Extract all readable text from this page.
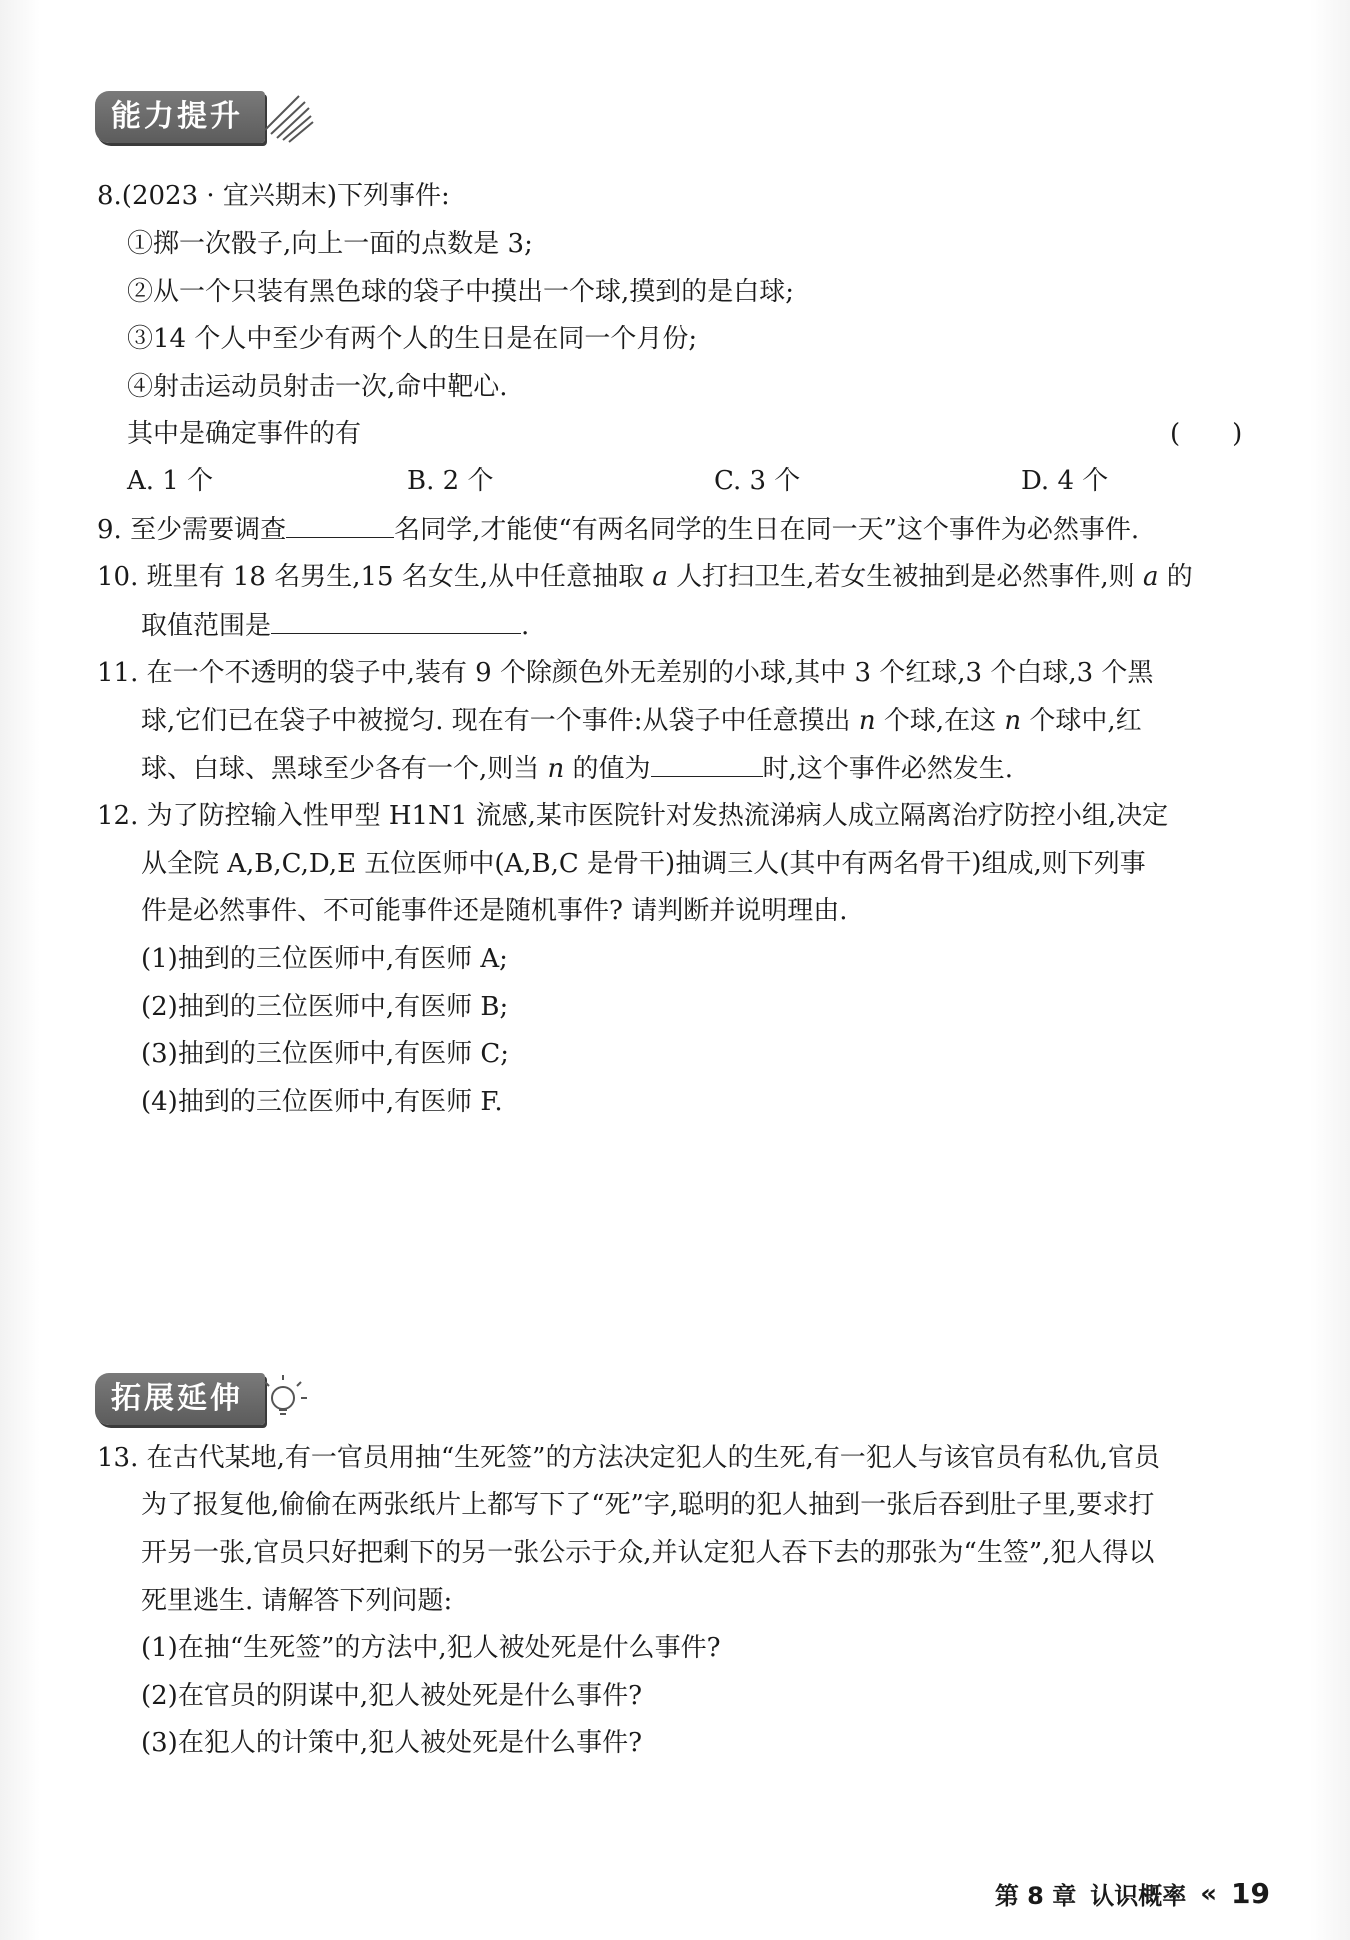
能力提升
8.(2023 · 宜兴期末)下列事件:
①掷一次骰子,向上一面的点数是 3;
②从一个只装有黑色球的袋子中摸出一个球,摸到的是白球;
③14 个人中至少有两个人的生日是在同一个月份;
④射击运动员射击一次,命中靶心.
其中是确定事件的有	(　　)
A. 1 个	B. 2 个	C. 3 个	D. 4 个
9. 至少需要调查	名同学,才能使“有两名同学的生日在同一天”这个事件为必然事件.
10. 班里有 18 名男生,15 名女生,从中任意抽取 a 人打扫卫生,若女生被抽到是必然事件,则 a 的
取值范围是	.
11. 在一个不透明的袋子中,装有 9 个除颜色外无差别的小球,其中 3 个红球,3 个白球,3 个黑
球,它们已在袋子中被搅匀. 现在有一个事件:从袋子中任意摸出 n 个球,在这 n 个球中,红
球、白球、黑球至少各有一个,则当 n 的值为	时,这个事件必然发生.
12. 为了防控输入性甲型 H1N1 流感,某市医院针对发热流涕病人成立隔离治疗防控小组,决定
从全院 A,B,C,D,E 五位医师中(A,B,C 是骨干)抽调三人(其中有两名骨干)组成,则下列事
件是必然事件、不可能事件还是随机事件? 请判断并说明理由.
(1)抽到的三位医师中,有医师 A;
(2)抽到的三位医师中,有医师 B;
(3)抽到的三位医师中,有医师 C;
(4)抽到的三位医师中,有医师 F.
拓展延伸
13. 在古代某地,有一官员用抽“生死签”的方法决定犯人的生死,有一犯人与该官员有私仇,官员
为了报复他,偷偷在两张纸片上都写下了“死”字,聪明的犯人抽到一张后吞到肚子里,要求打
开另一张,官员只好把剩下的另一张公示于众,并认定犯人吞下去的那张为“生签”,犯人得以
死里逃生. 请解答下列问题:
(1)在抽“生死签”的方法中,犯人被处死是什么事件?
(2)在官员的阴谋中,犯人被处死是什么事件?
(3)在犯人的计策中,犯人被处死是什么事件?
第 8 章 认识概率 « 19
